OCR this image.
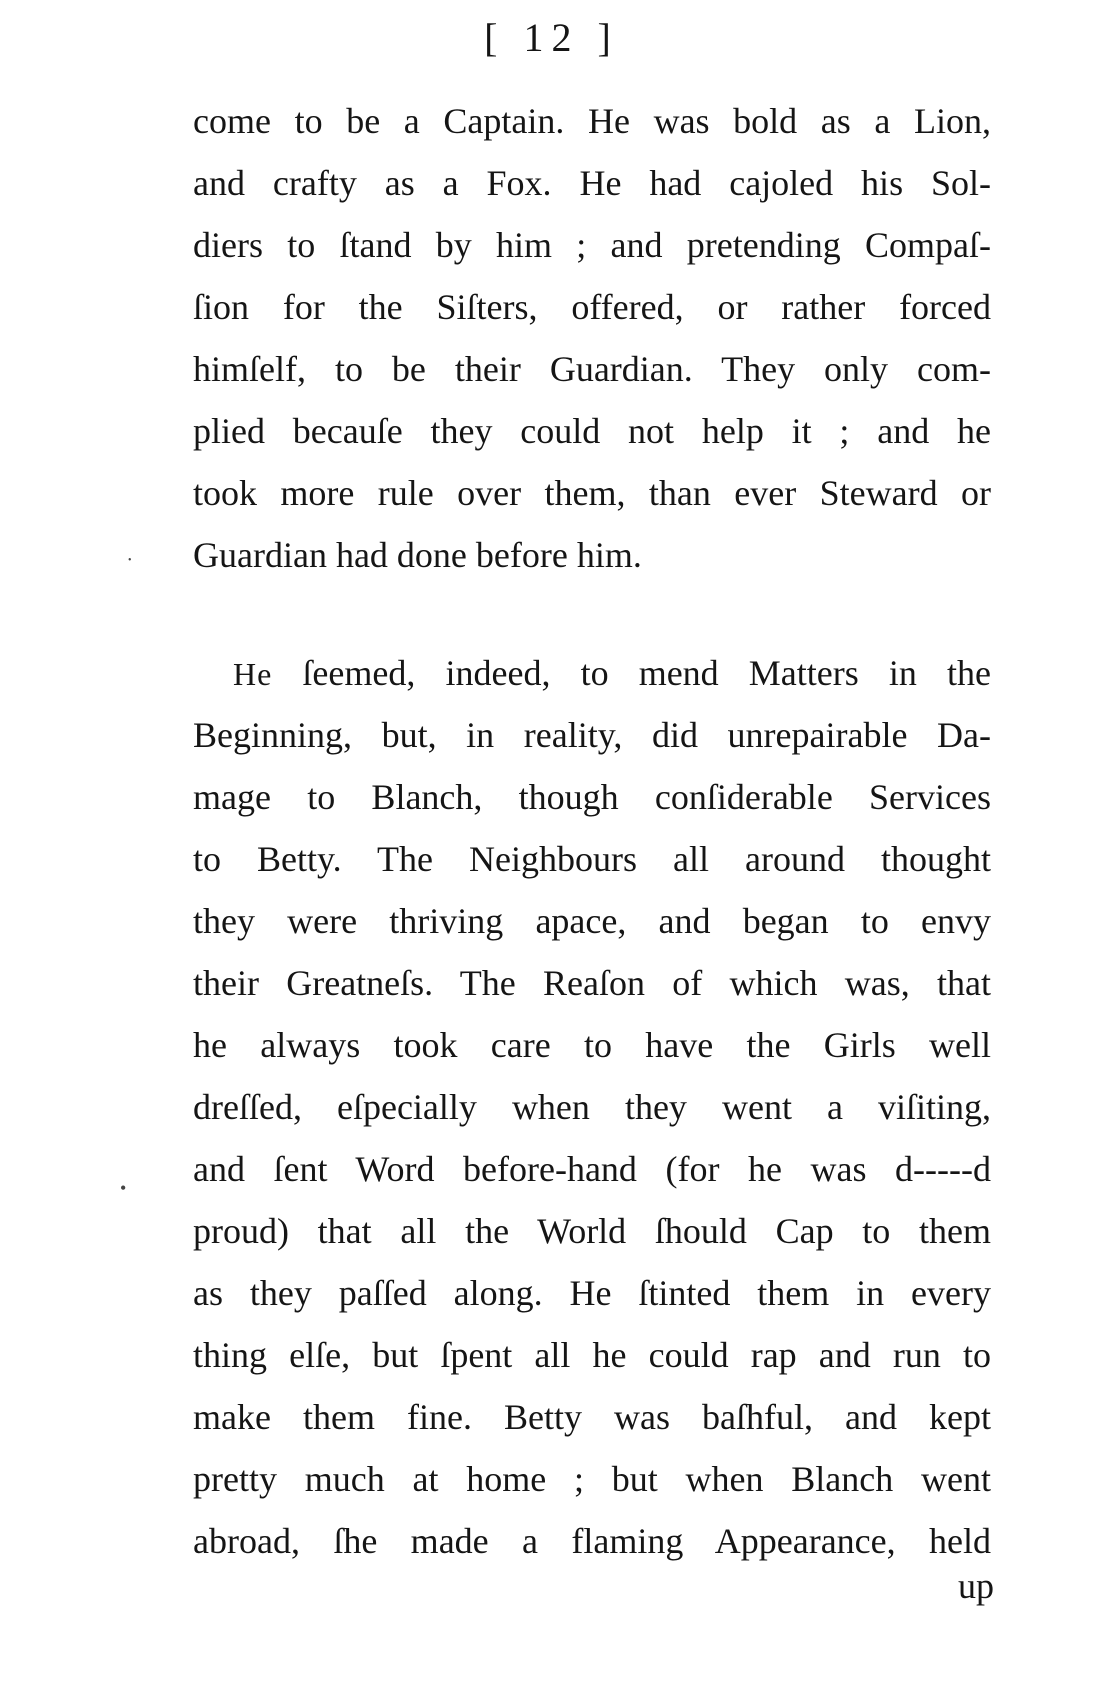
[ 12 ]
come to be a Captain. He was bold as a Lion,
and crafty as a Fox. He had cajoled his Sol-
diers to ſtand by him ; and pretending Compaſ-
ſion for the Siſters, offered, or rather forced
himſelf, to be their Guardian. They only com-
plied becauſe they could not help it ; and he
took more rule over them, than ever Steward or
Guardian had done before him.
He ſeemed, indeed, to mend Matters in the
Beginning, but, in reality, did unrepairable Da-
mage to Blanch, though conſiderable Services
to Betty. The Neighbours all around thought
they were thriving apace, and began to envy
their Greatneſs. The Reaſon of which was, that
he always took care to have the Girls well
dreſſed, eſpecially when they went a viſiting,
and ſent Word before-hand (for he was d-----d
proud) that all the World ſhould Cap to them
as they paſſed along. He ſtinted them in every
thing elſe, but ſpent all he could rap and run to
make them fine. Betty was baſhful, and kept
pretty much at home ; but when Blanch went
abroad, ſhe made a flaming Appearance, held
up
•
•
